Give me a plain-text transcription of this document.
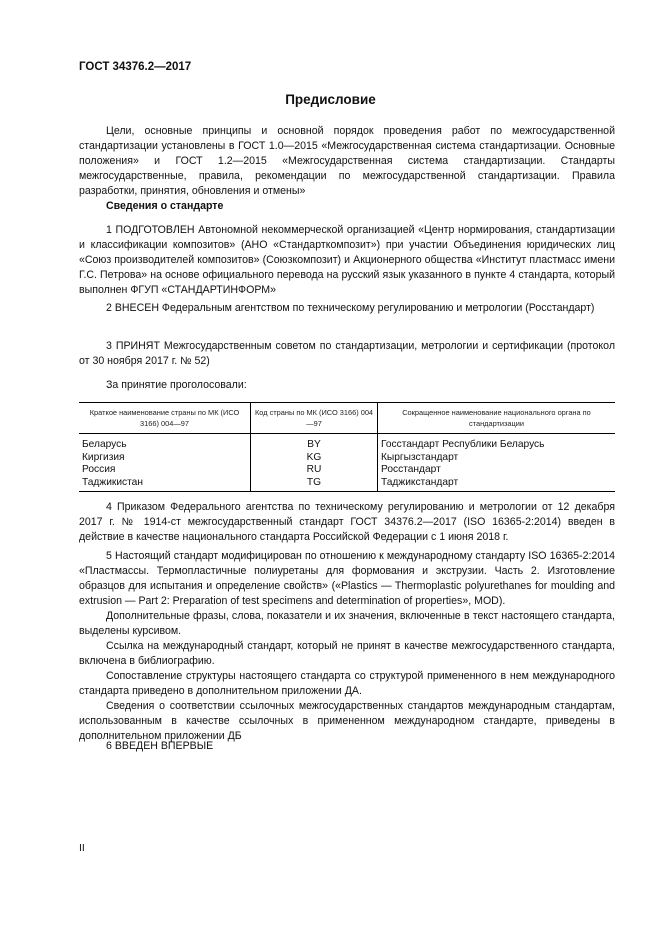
ГОСТ 34376.2—2017
Предисловие
Цели, основные принципы и основной порядок проведения работ по межгосударственной стандартизации установлены в ГОСТ 1.0—2015 «Межгосударственная система стандартизации. Основные положения» и ГОСТ 1.2—2015 «Межгосударственная система стандартизации. Стандарты межгосударственные, правила, рекомендации по межгосударственной стандартизации. Правила разработки, принятия, обновления и отмены»
Сведения о стандарте
1 ПОДГОТОВЛЕН Автономной некоммерческой организацией «Центр нормирования, стандартизации и классификации композитов» (АНО «Стандарткомпозит») при участии Объединения юридических лиц «Союз производителей композитов» (Союзкомпозит) и Акционерного общества «Институт пластмасс имени Г.С. Петрова» на основе официального перевода на русский язык указанного в пункте 4 стандарта, который выполнен ФГУП «СТАНДАРТИНФОРМ»
2 ВНЕСЕН Федеральным агентством по техническому регулированию и метрологии (Росстандарт)
3 ПРИНЯТ Межгосударственным советом по стандартизации, метрологии и сертификации (протокол от 30 ноября 2017 г. № 52)
За принятие проголосовали:
Краткое наименование страны по МК (ИСО 3166) 004—97	Код страны по МК (ИСО 3166) 004—97	Сокращенное наименование национального органа по стандартизации
Беларусь	BY	Госстандарт Республики Беларусь
Киргизия	KG	Кыргызстандарт
Россия	RU	Росстандарт
Таджикистан	TG	Таджикстандарт
4 Приказом Федерального агентства по техническому регулированию и метрологии от 12 декабря 2017 г. № 1914-ст межгосударственный стандарт ГОСТ 34376.2—2017 (ISO 16365-2:2014) введен в действие в качестве национального стандарта Российской Федерации с 1 июня 2018 г.

5 Настоящий стандарт модифицирован по отношению к международному стандарту ISO 16365-2:2014 «Пластмассы. Термопластичные полиуретаны для формования и экструзии. Часть 2. Изготовление образцов для испытания и определение свойств» («Plastics — Thermoplastic polyurethanes for moulding and extrusion — Part 2: Preparation of test specimens and determination of properties», MOD).

Дополнительные фразы, слова, показатели и их значения, включенные в текст настоящего стандарта, выделены курсивом.

Ссылка на международный стандарт, который не принят в качестве межгосударственного стандарта, включена в библиографию.

Сопоставление структуры настоящего стандарта со структурой примененного в нем международного стандарта приведено в дополнительном приложении ДА.

Сведения о соответствии ссылочных межгосударственных стандартов международным стандартам, использованным в качестве ссылочных в примененном международном стандарте, приведены в дополнительном приложении ДБ

6 ВВЕДЕН ВПЕРВЫЕ
II
